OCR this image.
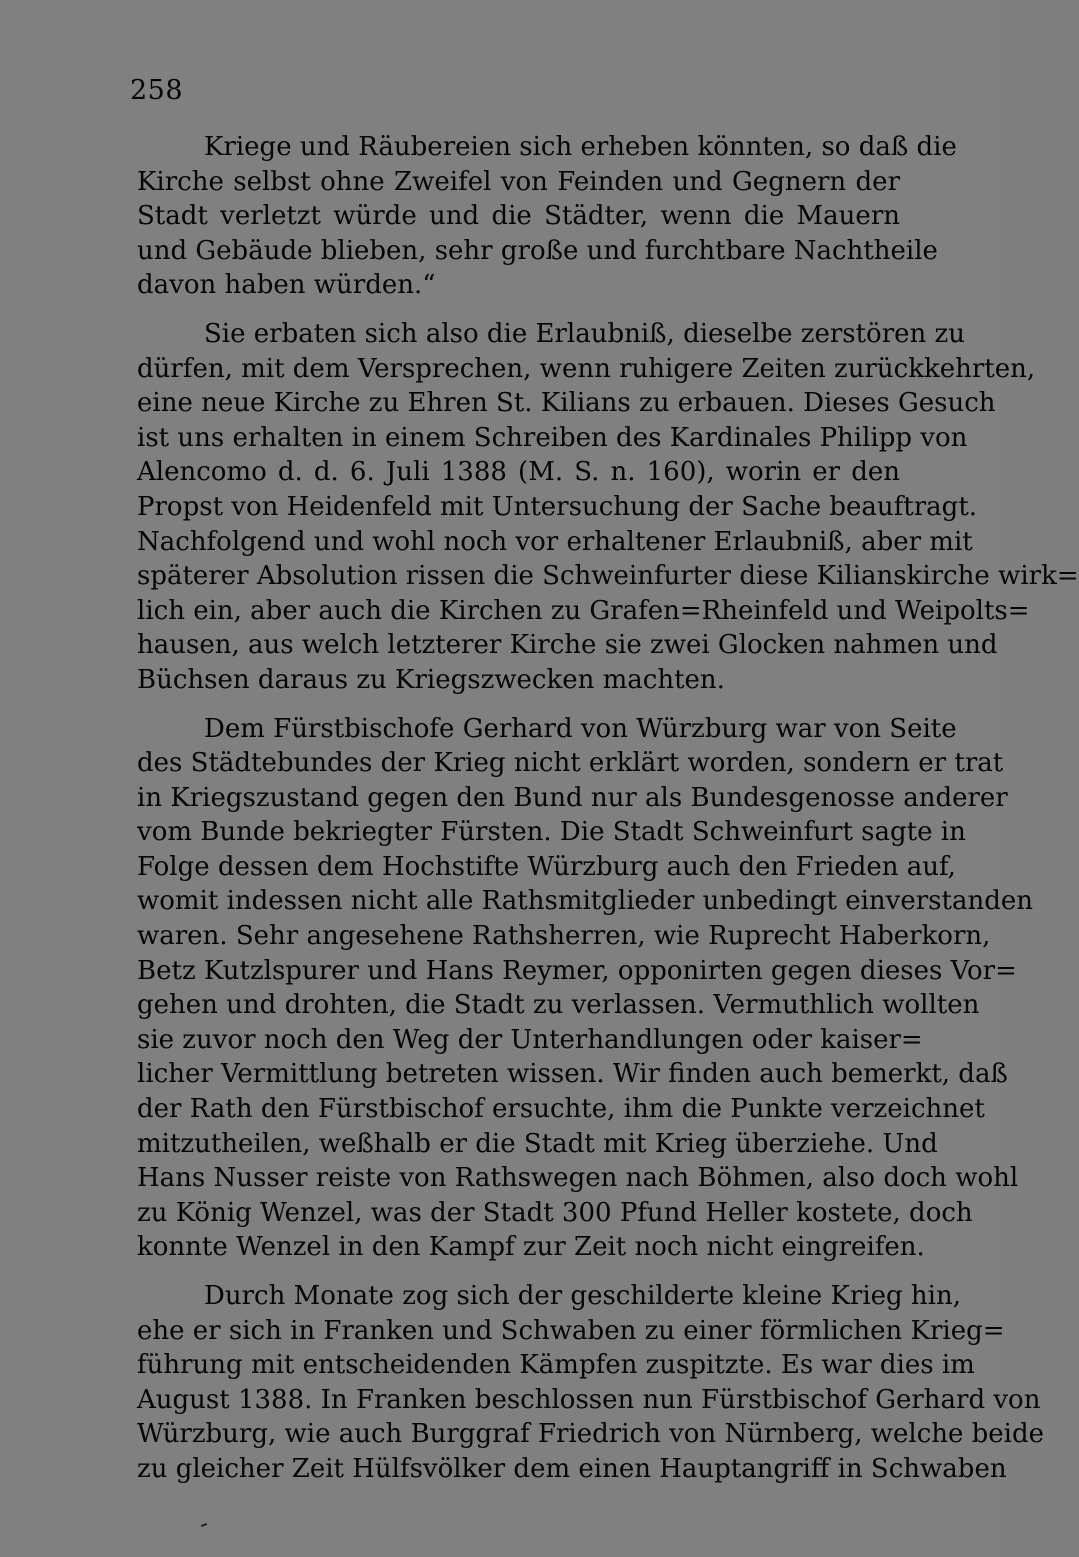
258
Kriege und Räubereien sich erheben könnten, so daß die
Kirche selbst ohne Zweifel von Feinden und Gegnern der
Stadt verletzt würde und die Städter, wenn die Mauern
und Gebäude blieben, sehr große und furchtbare Nachtheile
davon haben würden.“
Sie erbaten sich also die Erlaubniß, dieselbe zerstören zu
dürfen, mit dem Versprechen, wenn ruhigere Zeiten zurückkehrten,
eine neue Kirche zu Ehren St. Kilians zu erbauen. Dieses Gesuch
ist uns erhalten in einem Schreiben des Kardinales Philipp von
Alencomo d. d. 6. Juli 1388 (M. S. n. 160), worin er den
Propst von Heidenfeld mit Untersuchung der Sache beauftragt.
Nachfolgend und wohl noch vor erhaltener Erlaubniß, aber mit
späterer Absolution rissen die Schweinfurter diese Kilianskirche wirk=
lich ein, aber auch die Kirchen zu Grafen=Rheinfeld und Weipolts=
hausen, aus welch letzterer Kirche sie zwei Glocken nahmen und
Büchsen daraus zu Kriegszwecken machten.
Dem Fürstbischofe Gerhard von Würzburg war von Seite
des Städtebundes der Krieg nicht erklärt worden, sondern er trat
in Kriegszustand gegen den Bund nur als Bundesgenosse anderer
vom Bunde bekriegter Fürsten. Die Stadt Schweinfurt sagte in
Folge dessen dem Hochstifte Würzburg auch den Frieden auf,
womit indessen nicht alle Rathsmitglieder unbedingt einverstanden
waren. Sehr angesehene Rathsherren, wie Ruprecht Haberkorn,
Betz Kutzlspurer und Hans Reymer, opponirten gegen dieses Vor=
gehen und drohten, die Stadt zu verlassen. Vermuthlich wollten
sie zuvor noch den Weg der Unterhandlungen oder kaiser=
licher Vermittlung betreten wissen. Wir finden auch bemerkt, daß
der Rath den Fürstbischof ersuchte, ihm die Punkte verzeichnet
mitzutheilen, weßhalb er die Stadt mit Krieg überziehe. Und
Hans Nusser reiste von Rathswegen nach Böhmen, also doch wohl
zu König Wenzel, was der Stadt 300 Pfund Heller kostete, doch
konnte Wenzel in den Kampf zur Zeit noch nicht eingreifen.
Durch Monate zog sich der geschilderte kleine Krieg hin,
ehe er sich in Franken und Schwaben zu einer förmlichen Krieg=
führung mit entscheidenden Kämpfen zuspitzte. Es war dies im
August 1388. In Franken beschlossen nun Fürstbischof Gerhard von
Würzburg, wie auch Burggraf Friedrich von Nürnberg, welche beide
zu gleicher Zeit Hülfsvölker dem einen Hauptangriff in Schwaben
